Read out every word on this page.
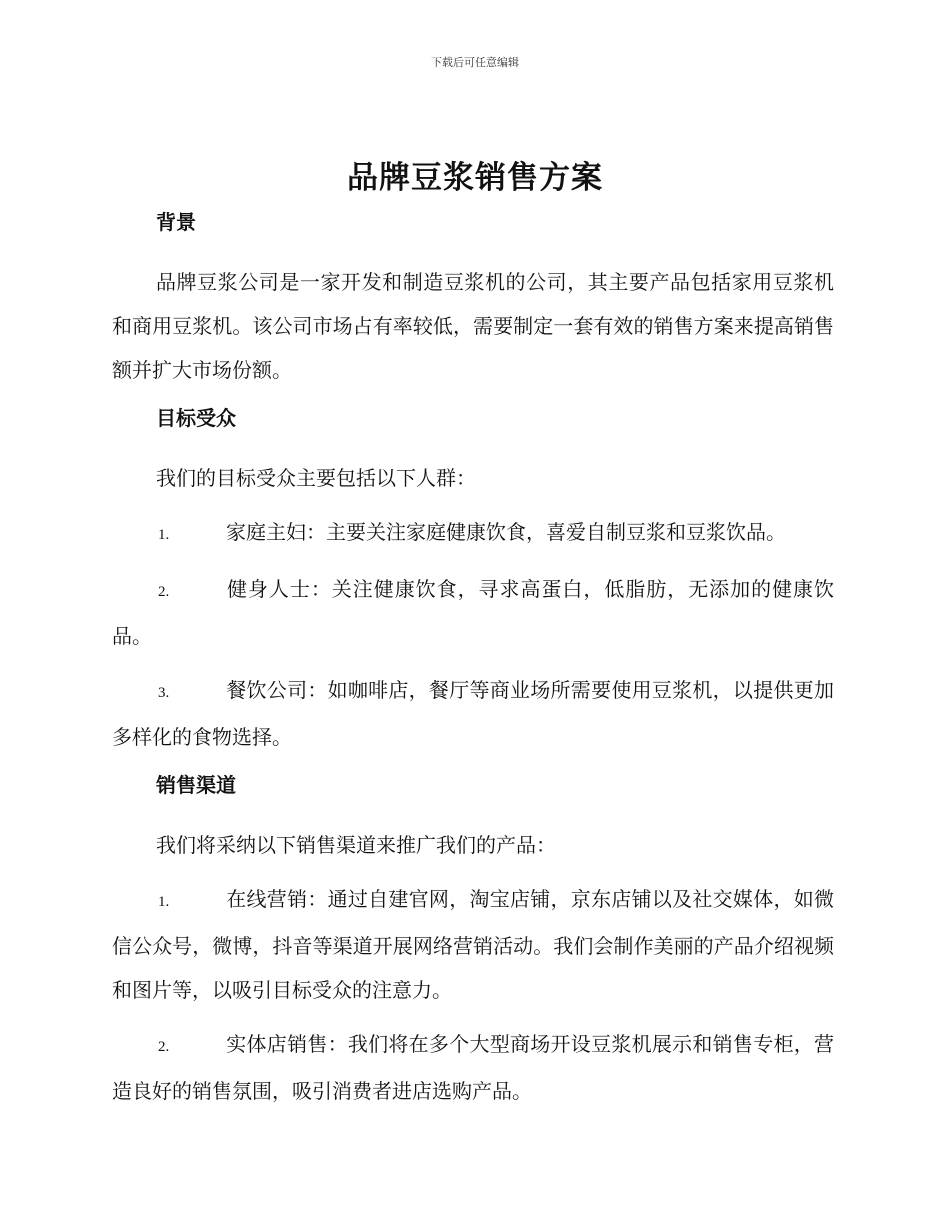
下载后可任意编辑
品牌豆浆销售方案
背景

品牌豆浆公司是一家开发和制造豆浆机的公司，其主要产品包括家用豆浆机和商用豆浆机。该公司市场占有率较低，需要制定一套有效的销售方案来提高销售额并扩大市场份额。

目标受众

我们的目标受众主要包括以下人群：

1.	家庭主妇：主要关注家庭健康饮食，喜爱自制豆浆和豆浆饮品。

2.	健身人士：关注健康饮食，寻求高蛋白，低脂肪，无添加的健康饮品。

3.	餐饮公司：如咖啡店，餐厅等商业场所需要使用豆浆机，以提供更加多样化的食物选择。

销售渠道

我们将采纳以下销售渠道来推广我们的产品：

1.	在线营销：通过自建官网，淘宝店铺，京东店铺以及社交媒体，如微信公众号，微博，抖音等渠道开展网络营销活动。我们会制作美丽的产品介绍视频和图片等，以吸引目标受众的注意力。

2.	实体店销售：我们将在多个大型商场开设豆浆机展示和销售专柜，营造良好的销售氛围，吸引消费者进店选购产品。
